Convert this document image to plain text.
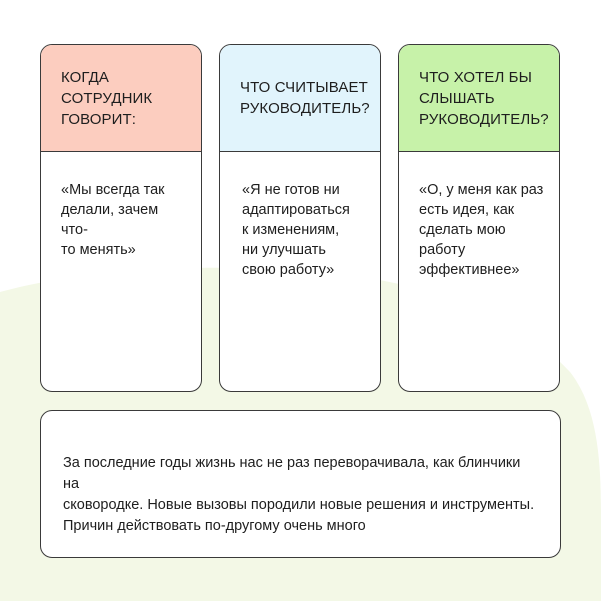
КОГДА СОТРУДНИК ГОВОРИТ:
«Мы всегда так
делали, зачем что-
то менять»
ЧТО СЧИТЫВАЕТ РУКОВОДИТЕЛЬ?
«Я не готов ни
адаптироваться
к изменениям,
ни улучшать
свою работу»
ЧТО ХОТЕЛ БЫ СЛЫШАТЬ РУКОВОДИТЕЛЬ?
«О, у меня как раз
есть идея, как
сделать мою
работу
эффективнее»
За последние годы жизнь нас не раз переворачивала, как блинчики на
сковородке. Новые вызовы породили новые решения и инструменты.
Причин действовать по-другому очень много
